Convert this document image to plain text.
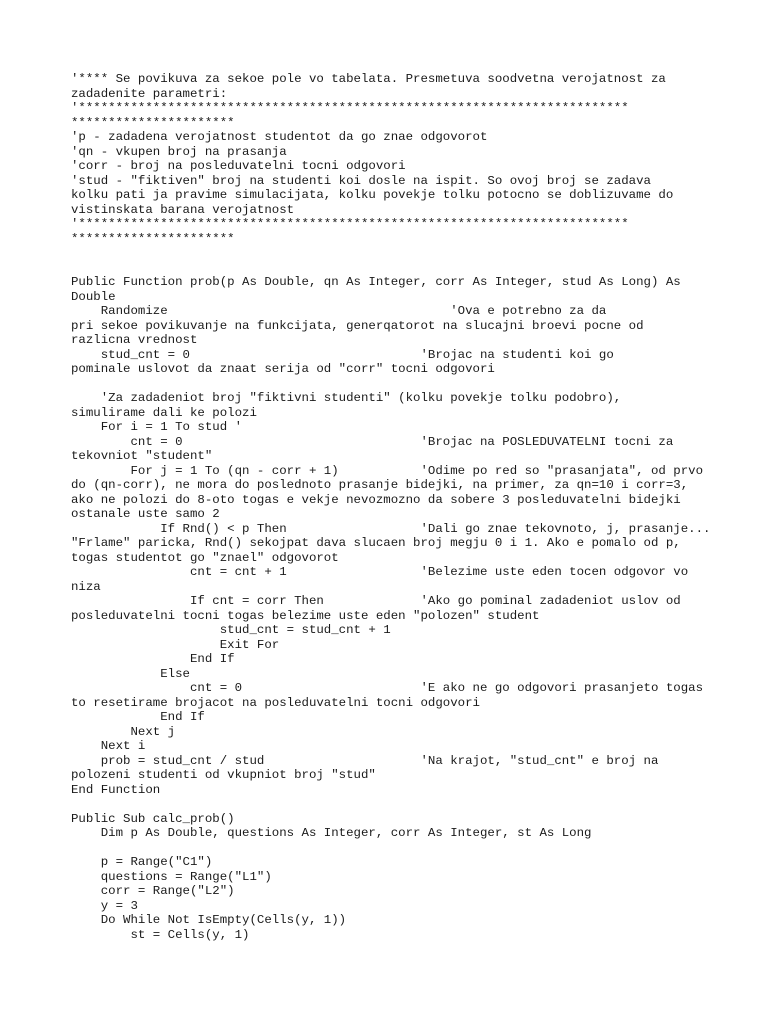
'**** Se povikuva za sekoe pole vo tabelata. Presmetuva soodvetna verojatnost za
zadadenite parametri:
'**************************************************************************
**********************
'p - zadadena verojatnost studentot da go znae odgovorot
'qn - vkupen broj na prasanja
'corr - broj na posleduvatelni tocni odgovori
'stud - "fiktiven" broj na studenti koi dosle na ispit. So ovoj broj se zadava
kolku pati ja pravime simulacijata, kolku povekje tolku potocno se doblizuvame do
vistinskata barana verojatnost
'**************************************************************************
**********************
Public Function prob(p As Double, qn As Integer, corr As Integer, stud As Long) As
Double
Randomize                                      'Ova e potrebno za da
pri sekoe povikuvanje na funkcijata, generqatorot na slucajni broevi pocne od
razlicna vrednost
stud_cnt = 0                               'Brojac na studenti koi go
pominale uslovot da znaat serija od "corr" tocni odgovori
'Za zadadeniot broj "fiktivni studenti" (kolku povekje tolku podobro),
simulirame dali ke polozi
For i = 1 To stud '
cnt = 0                                'Brojac na POSLEDUVATELNI tocni za
tekovniot "student"
For j = 1 To (qn - corr + 1)           'Odime po red so "prasanjata", od prvo
do (qn-corr), ne mora do poslednoto prasanje bidejki, na primer, za qn=10 i corr=3,
ako ne polozi do 8-oto togas e vekje nevozmozno da sobere 3 posleduvatelni bidejki
ostanale uste samo 2
If Rnd() < p Then                  'Dali go znae tekovnoto, j, prasanje...
"Frlame" paricka, Rnd() sekojpat dava slucaen broj megju 0 i 1. Ako e pomalo od p,
togas studentot go "znael" odgovorot
cnt = cnt + 1                  'Belezime uste eden tocen odgovor vo
niza
If cnt = corr Then             'Ako go pominal zadadeniot uslov od
posleduvatelni tocni togas belezime uste eden "polozen" student
stud_cnt = stud_cnt + 1
Exit For
End If
Else
cnt = 0                        'E ako ne go odgovori prasanjeto togas
to resetirame brojacot na posleduvatelni tocni odgovori
End If
Next j
Next i
prob = stud_cnt / stud                     'Na krajot, "stud_cnt" e broj na
polozeni studenti od vkupniot broj "stud"
End Function
Public Sub calc_prob()
Dim p As Double, questions As Integer, corr As Integer, st As Long
p = Range("C1")
questions = Range("L1")
corr = Range("L2")
y = 3
Do While Not IsEmpty(Cells(y, 1))
st = Cells(y, 1)
